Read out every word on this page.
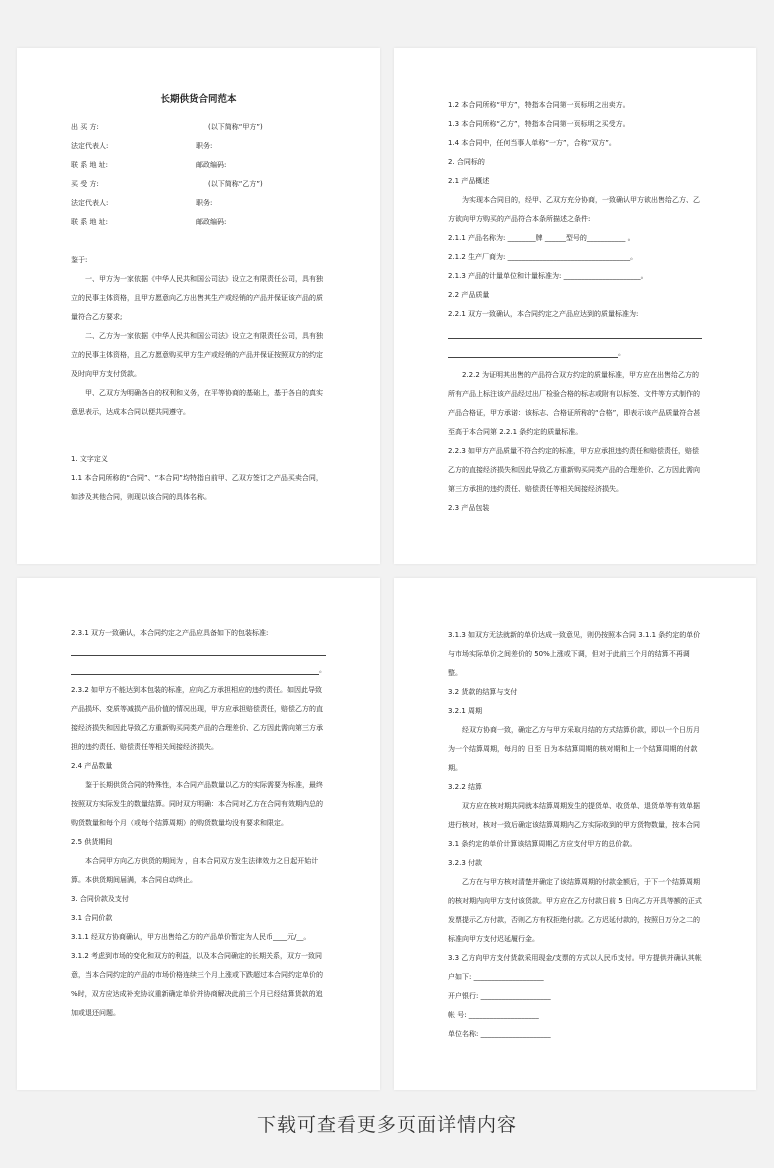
长期供货合同范本

出 买 方:	(以下简称“甲方”)
法定代表人:	职务:
联 系 地 址:	邮政编码:
买 受 方:	(以下简称“乙方”)
法定代表人:	职务:
联 系 地 址:	邮政编码:

鉴于:

一、甲方为一家依据《中华人民共和国公司法》设立之有限责任公司，具有独立的民事主体资格，且甲方愿意向乙方出售其生产或经销的产品并保证该产品的质量符合乙方要求;

二、乙方为一家依据《中华人民共和国公司法》设立之有限责任公司，具有独立的民事主体资格，且乙方愿意购买甲方生产或经销的产品并保证按照双方的约定及时向甲方支付货款。

甲、乙双方为明确各自的权利和义务，在平等协商的基础上，基于各自的真实意思表示，达成本合同以便共同遵守。

1. 文字定义

1.1 本合同所称的“合同”、“本合同”均特指自前甲、乙双方签订之产品买卖合同，如涉及其他合同，则现以该合同的具体名称。

1.2 本合同所称“甲方”，特指本合同第一页标明之出卖方。

1.3 本合同所称“乙方”，特指本合同第一页标明之买受方。

1.4 本合同中，任何当事人单称“一方”，合称“双方”。

2. 合同标的

2.1 产品概述

为实现本合同目的，经甲、乙双方充分协商，一致确认甲方欲出售给乙方、乙方欲向甲方购买的产品符合本条所描述之条件:

2.1.1 产品名称为: ________牌 ______型号的___________ 。

2.1.2 生产厂商为: ___________________________________。

2.1.3 产品的计量单位和计量标准为: ______________________。

2.2 产品质量

2.2.1 双方一致确认，本合同约定之产品应达到的质量标准为:

。

2.2.2 为证明其出售的产品符合双方约定的质量标准，甲方应在出售给乙方的所有产品上标注该产品经过出厂检验合格的标志或附有以标签、文件等方式制作的产品合格证，甲方承诺：该标志、合格证所称的“合格”，即表示该产品质量符合甚至高于本合同第 2.2.1 条约定的质量标准。

2.2.3 如甲方产品质量不符合约定的标准，甲方应承担违约责任和赔偿责任，赔偿乙方的直接经济损失和因此导致乙方重新购买同类产品的合理差价、乙方因此需向第三方承担的违约责任、赔偿责任等相关间接经济损失。

2.3 产品包装

2.3.1 双方一致确认，本合同约定之产品应具备如下的包装标准:

。

2.3.2 如甲方不能达到本包装的标准，应向乙方承担相应的违约责任。如因此导致产品损坏、变质等减损产品价值的情况出现，甲方应承担赔偿责任，赔偿乙方的直接经济损失和因此导致乙方重新购买同类产品的合理差价、乙方因此需向第三方承担的违约责任、赔偿责任等相关间接经济损失。

2.4 产品数量

鉴于长期供货合同的特殊性，本合同产品数量以乙方的实际需要为标准，最终按照双方实际发生的数量结算。同时双方明确：本合同对乙方在合同有效期内总的购货数量和每个月（或每个结算周期）的购货数量均没有要求和限定。

2.5 供货期间

本合同甲方向乙方供货的期间为 ，自本合同双方发生法律效力之日起开始计算。本供货期间届满，本合同自动终止。

3. 合同价款及支付

3.1 合同价款

3.1.1 经双方协商确认，甲方出售给乙方的产品单价暂定为人民币____元/__。

3.1.2 考虑到市场的变化和双方的利益，以及本合同确定的长期关系，双方一致同意，当本合同约定的产品的市场价格连续三个月上涨或下跌超过本合同约定单价的 %时，双方应达成补充协议重新确定单价并协商解决此前三个月已经结算货款的追加或退还问题。

3.1.3 如双方无法就新的单价达成一致意见，则仍按照本合同 3.1.1 条约定的单价与市场实际单价之间差价的 50%上涨或下调，但对于此前三个月的结算不再调整。

3.2 货款的结算与支付

3.2.1 周期

经双方协商一致，确定乙方与甲方采取月结的方式结算价款，即以一个日历月为一个结算周期，每月的 日至 日为本结算周期的核对期和上一个结算周期的付款期。

3.2.2 结算

双方应在核对期共同就本结算周期发生的提货单、收货单、退货单等有效单据进行核对，核对一致后确定该结算周期内乙方实际收到的甲方货物数量，按本合同 3.1 条约定的单价计算该结算周期乙方应支付甲方的总价款。

3.2.3 付款

乙方在与甲方核对清楚并确定了该结算周期的付款金额后，于下一个结算周期的核对期内向甲方支付该货款。甲方应在乙方付款日前 5 日向乙方开具等额的正式发票提示乙方付款，否则乙方有权拒绝付款。乙方迟延付款的，按照日万分之二的标准向甲方支付迟延履行金。

3.3 乙方向甲方支付货款采用现金/支票的方式以人民币支付。甲方提供并确认其帐户如下: ____________________

开户银行: ____________________

帐 号: ____________________

单位名称: ____________________

下载可查看更多页面详情内容
